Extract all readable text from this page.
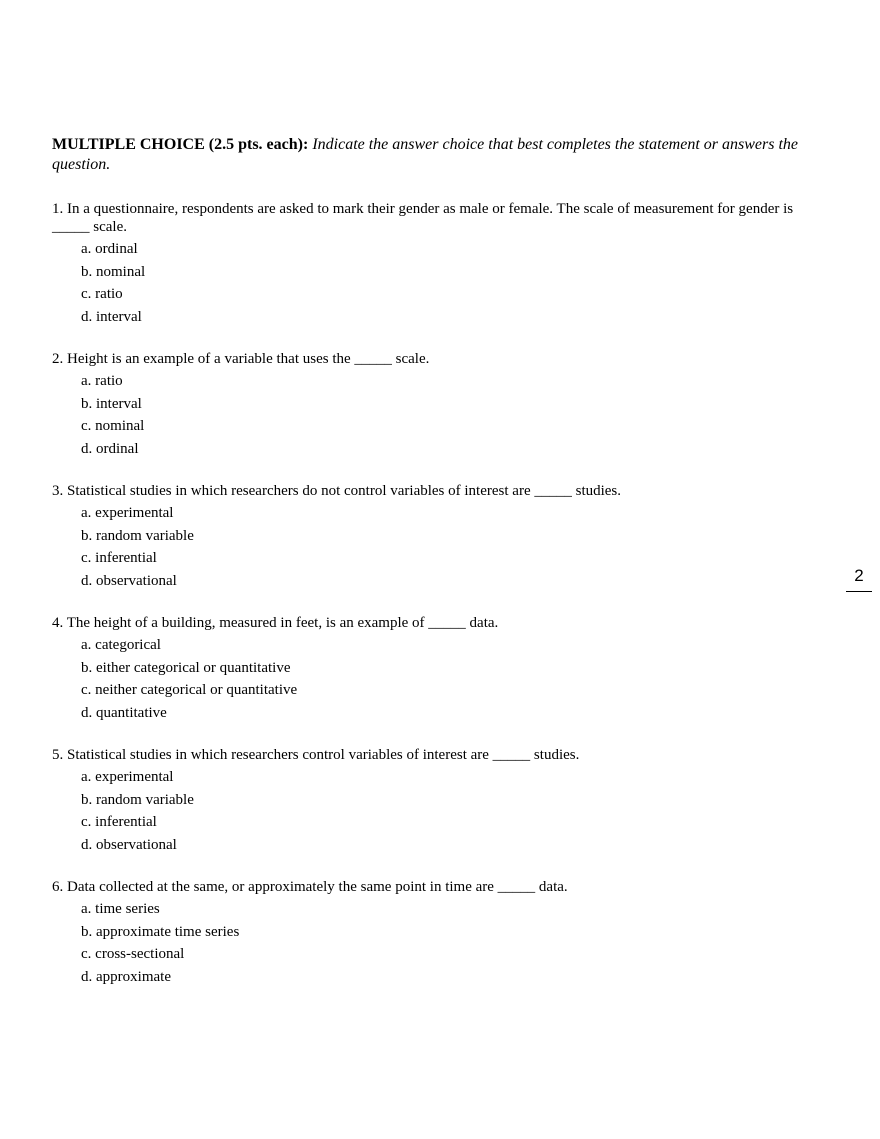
MULTIPLE CHOICE (2.5 pts. each): Indicate the answer choice that best completes the statement or answers the question.

1. In a questionnaire, respondents are asked to mark their gender as male or female. The scale of measurement for gender is _____ scale.

a. ordinal
b. nominal
c. ratio
d. interval

2. Height is an example of a variable that uses the _____ scale.

a. ratio
b. interval
c. nominal
d. ordinal

3. Statistical studies in which researchers do not control variables of interest are _____ studies.

a. experimental
b. random variable
c. inferential
d. observational

4. The height of a building, measured in feet, is an example of _____ data.

a. categorical
b. either categorical or quantitative
c. neither categorical or quantitative
d. quantitative

5. Statistical studies in which researchers control variables of interest are _____ studies.

a. experimental
b. random variable
c. inferential
d. observational

6. Data collected at the same, or approximately the same point in time are _____ data.

a. time series
b. approximate time series
c. cross-sectional
d. approximate
2
